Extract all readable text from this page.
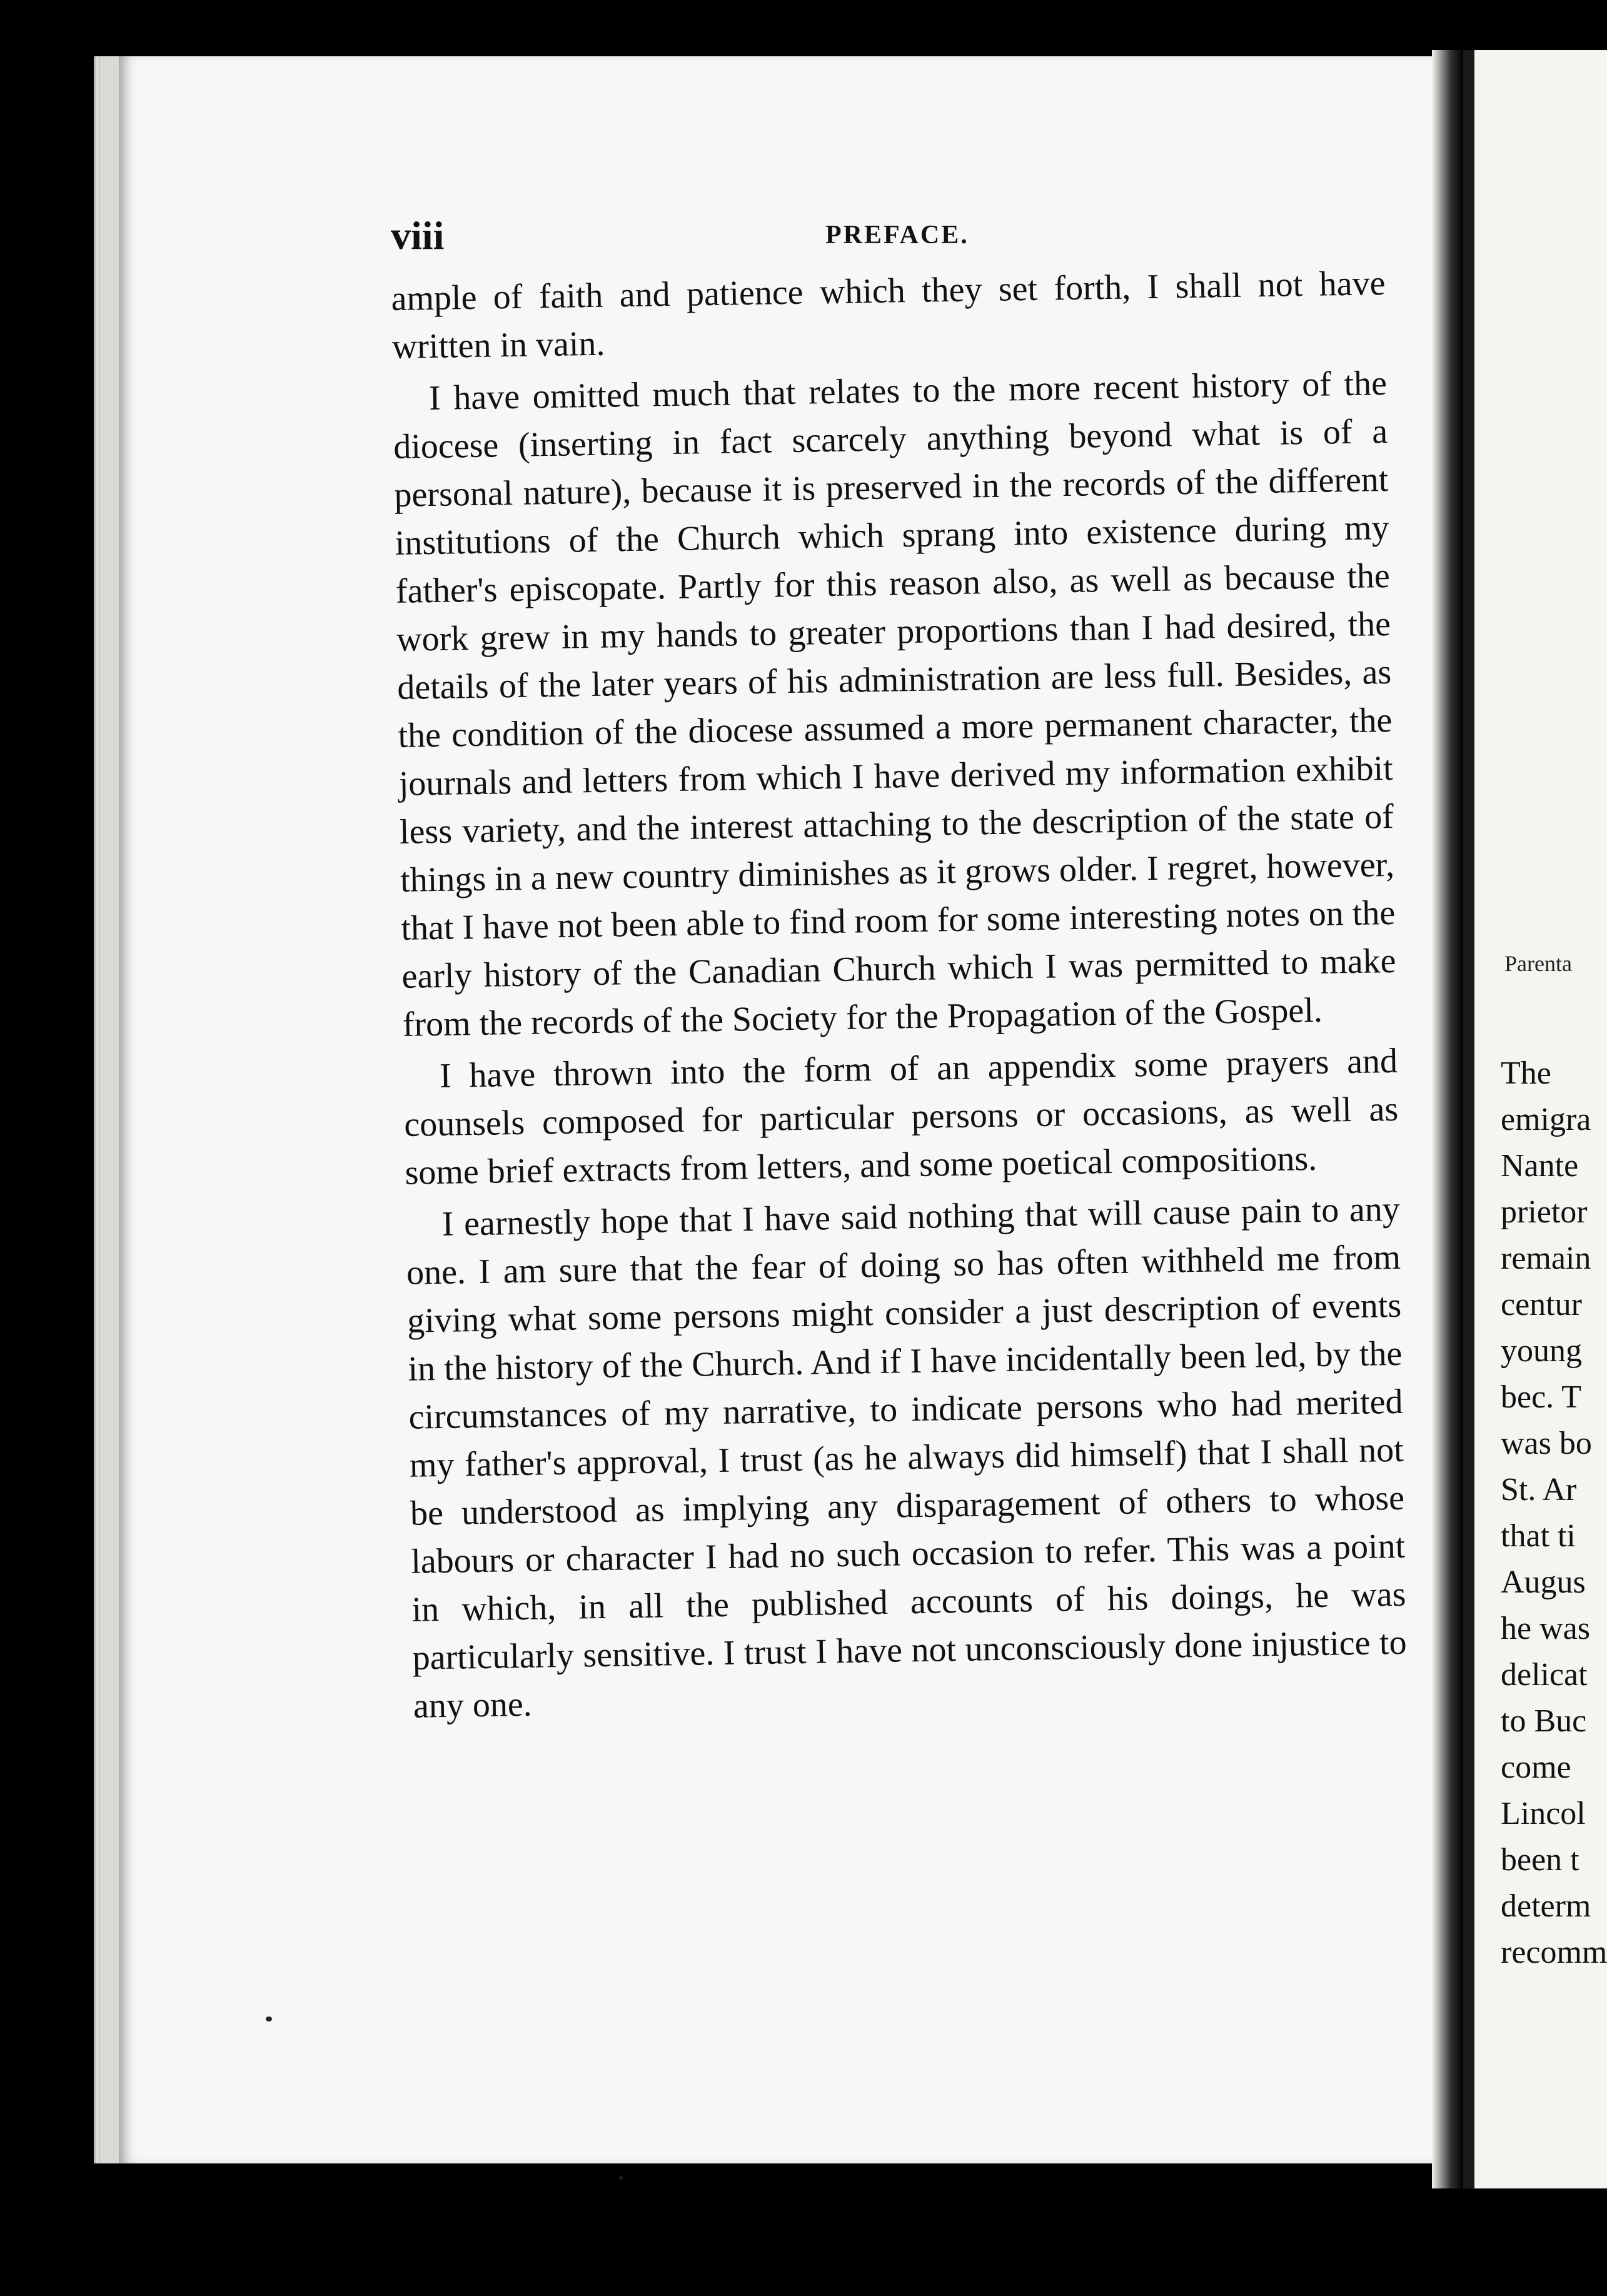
viii	PREFACE.

ample of faith and patience which they set forth, I shall not have written in vain.

I have omitted much that relates to the more recent history of the diocese (inserting in fact scarcely anything beyond what is of a personal nature), because it is preserved in the records of the different institutions of the Church which sprang into existence during my father's episcopate. Partly for this reason also, as well as because the work grew in my hands to greater proportions than I had desired, the details of the later years of his administration are less full. Besides, as the condition of the diocese assumed a more permanent character, the journals and letters from which I have derived my information exhibit less variety, and the interest attaching to the description of the state of things in a new country diminishes as it grows older. I regret, however, that I have not been able to find room for some interesting notes on the early history of the Canadian Church which I was permitted to make from the records of the Society for the Propagation of the Gospel.

I have thrown into the form of an appendix some prayers and counsels composed for particular persons or occasions, as well as some brief extracts from letters, and some poetical compositions.

I earnestly hope that I have said nothing that will cause pain to any one. I am sure that the fear of doing so has often withheld me from giving what some persons might consider a just description of events in the history of the Church. And if I have incidentally been led, by the circumstances of my narrative, to indicate persons who had merited my father's approval, I trust (as he always did himself) that I shall not be understood as implying any disparagement of others to whose labours or character I had no such occasion to refer. This was a point in which, in all the published accounts of his doings, he was particularly sensitive. I trust I have not unconsciously done injustice to any one.

Parenta
The
emigra
Nante
prietor
remain
centur
young
bec. T
was bo
St. Ar
that ti
Augus
he was
delicat
to Buc
come
Lincol
been t
determ
recomm
